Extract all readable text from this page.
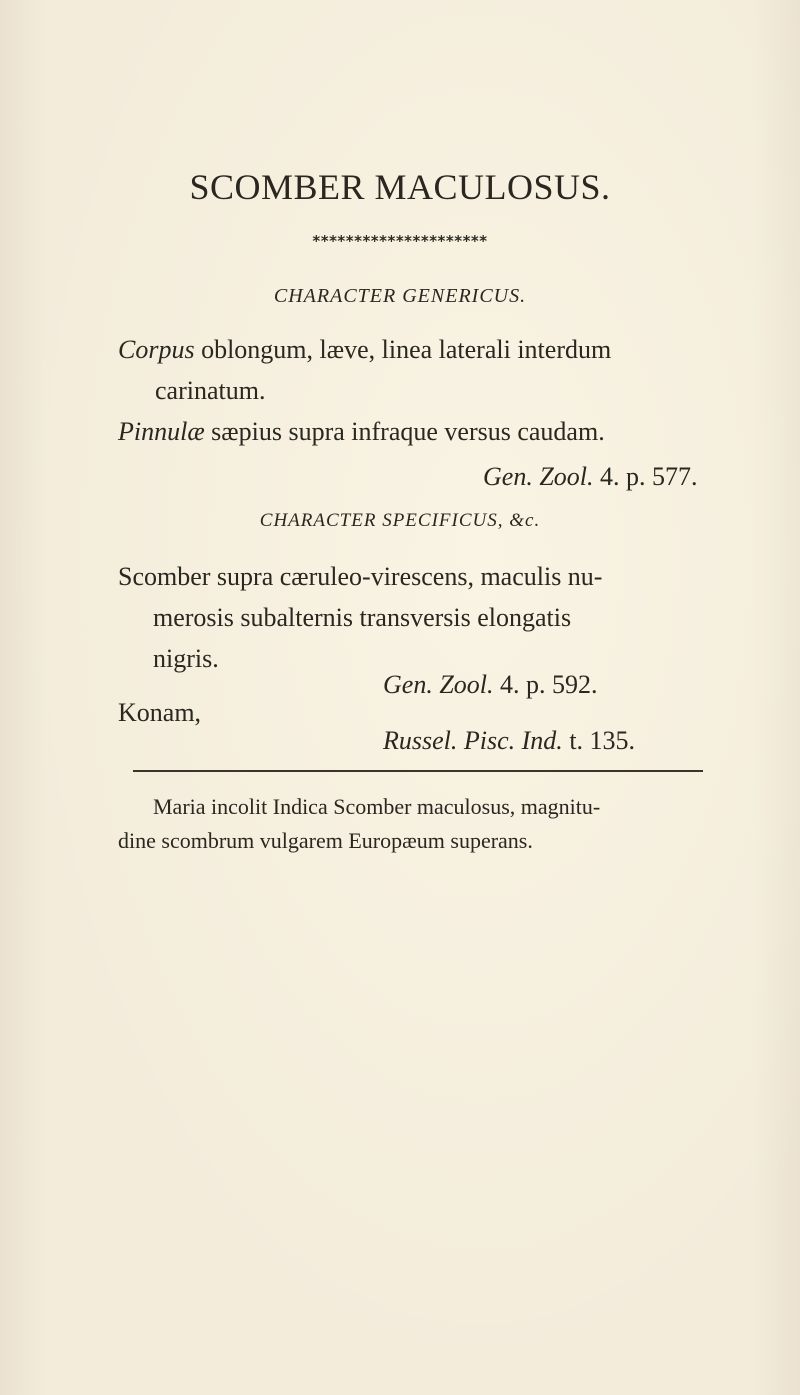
SCOMBER MACULOSUS.
*********************
CHARACTER GENERICUS.
Corpus oblongum, læve, linea laterali interdum
carinatum.
Pinnulæ sæpius supra infraque versus caudam.
Gen. Zool. 4. p. 577.
CHARACTER SPECIFICUS, &c.
Scomber supra cæruleo-virescens, maculis nu-
merosis subalternis transversis elongatis
nigris.
Gen. Zool. 4. p. 592.
Konam,
Russel. Pisc. Ind. t. 135.
Maria incolit Indica Scomber maculosus, magnitu-
dine scombrum vulgarem Europæum superans.
